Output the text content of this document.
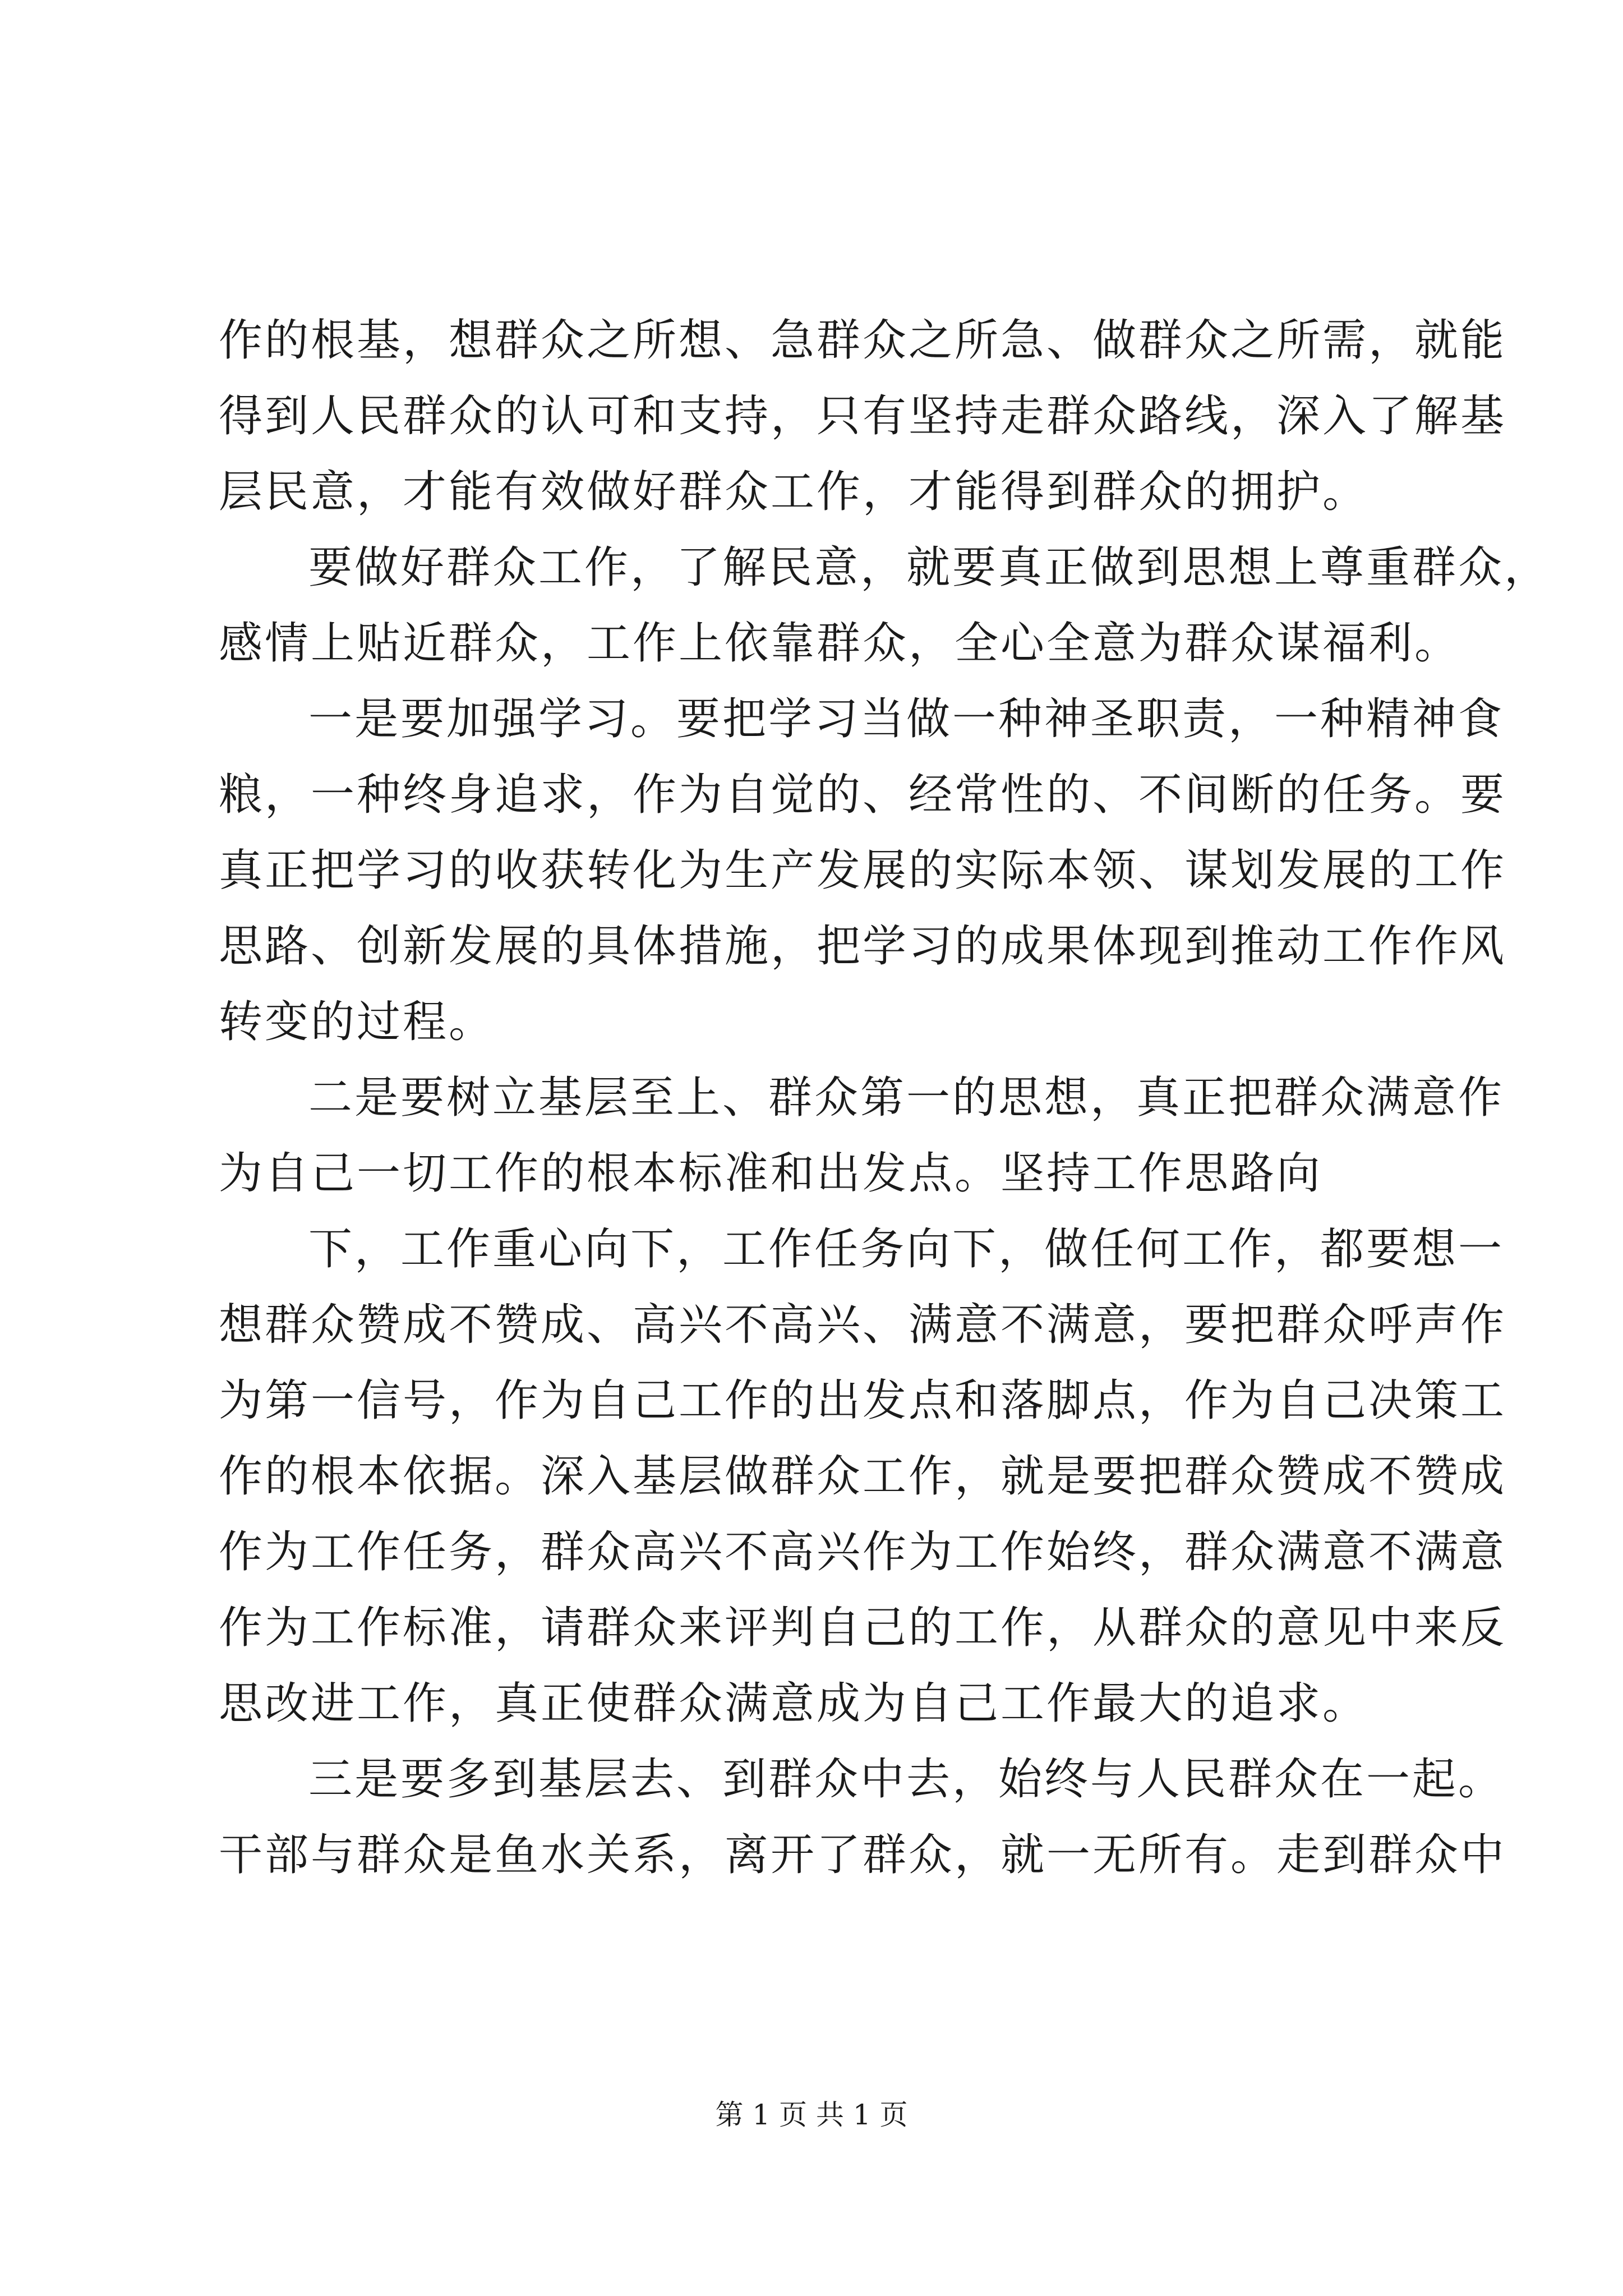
作的根基，想群众之所想、急群众之所急、做群众之所需，就能
得到人民群众的认可和支持，只有坚持走群众路线，深入了解基
层民意，才能有效做好群众工作，才能得到群众的拥护。
要做好群众工作，了解民意，就要真正做到思想上尊重群众，
感情上贴近群众，工作上依靠群众，全心全意为群众谋福利。
一是要加强学习。要把学习当做一种神圣职责，一种精神食
粮，一种终身追求，作为自觉的、经常性的、不间断的任务。要
真正把学习的收获转化为生产发展的实际本领、谋划发展的工作
思路、创新发展的具体措施，把学习的成果体现到推动工作作风
转变的过程。
二是要树立基层至上、群众第一的思想，真正把群众满意作
为自己一切工作的根本标准和出发点。坚持工作思路向
下，工作重心向下，工作任务向下，做任何工作，都要想一
想群众赞成不赞成、高兴不高兴、满意不满意，要把群众呼声作
为第一信号，作为自己工作的出发点和落脚点，作为自己决策工
作的根本依据。深入基层做群众工作，就是要把群众赞成不赞成
作为工作任务，群众高兴不高兴作为工作始终，群众满意不满意
作为工作标准，请群众来评判自己的工作，从群众的意见中来反
思改进工作，真正使群众满意成为自己工作最大的追求。
三是要多到基层去、到群众中去，始终与人民群众在一起。
干部与群众是鱼水关系，离开了群众，就一无所有。走到群众中
第 1 页 共 1 页
